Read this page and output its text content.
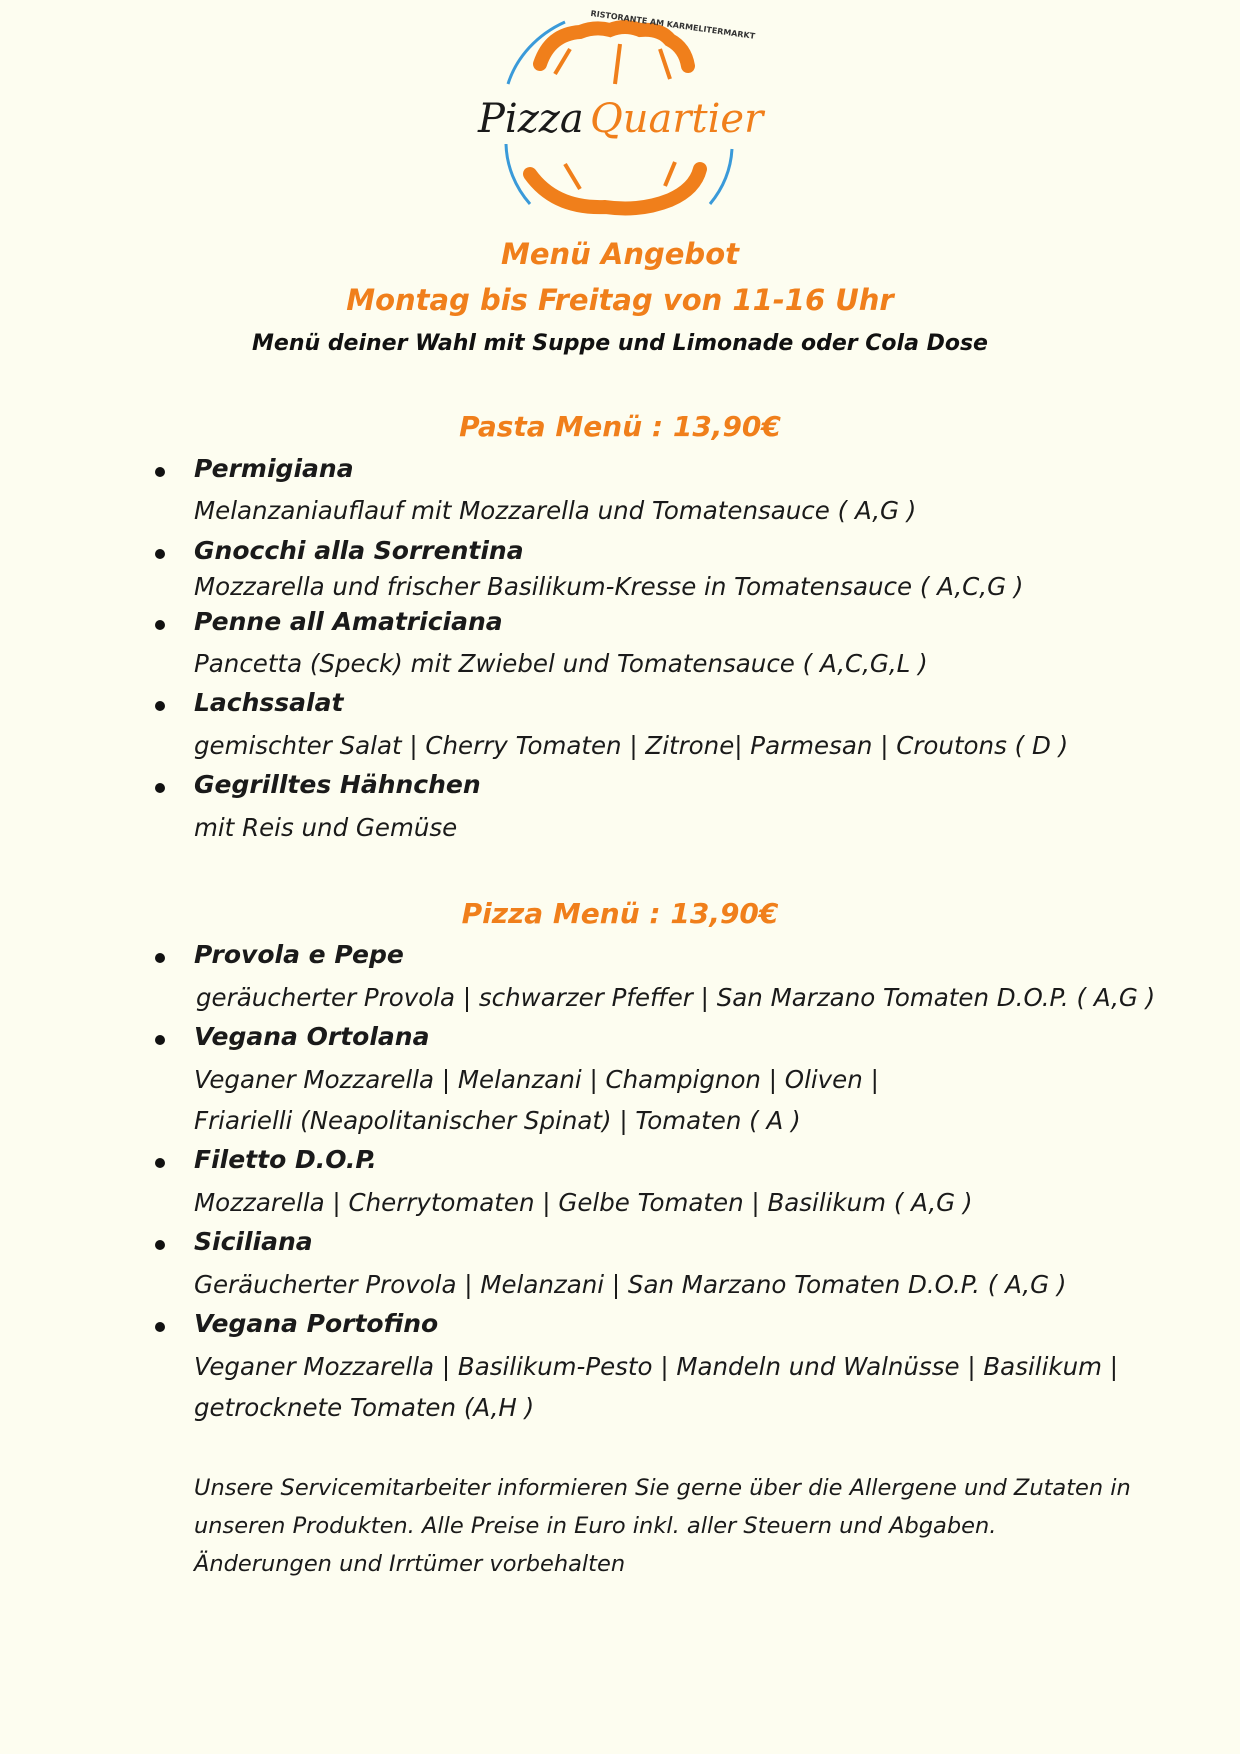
RISTORANTE AM KARMELITERMARKT
Pizza Quartier

Menü Angebot

Montag bis Freitag von 11-16 Uhr

Menü deiner Wahl mit Suppe und Limonade oder Cola Dose

Pasta Menü : 13,90€

Permigiana
Melanzaniauflauf mit Mozzarella und Tomatensauce ( A,G )
Gnocchi alla Sorrentina
Mozzarella und frischer Basilikum-Kresse in Tomatensauce ( A,C,G )
Penne all Amatriciana
Pancetta (Speck) mit Zwiebel und Tomatensauce ( A,C,G,L )
Lachssalat
gemischter Salat | Cherry Tomaten | Zitrone| Parmesan | Croutons ( D )
Gegrilltes Hähnchen
mit Reis und Gemüse

Pizza Menü : 13,90€

Provola e Pepe
geräucherter Provola | schwarzer Pfeffer | San Marzano Tomaten D.O.P. ( A,G )
Vegana Ortolana
Veganer Mozzarella | Melanzani | Champignon | Oliven |
Friarielli (Neapolitanischer Spinat) | Tomaten ( A )
Filetto D.O.P.
Mozzarella | Cherrytomaten | Gelbe Tomaten | Basilikum ( A,G )
Siciliana
Geräucherter Provola | Melanzani | San Marzano Tomaten D.O.P. ( A,G )
Vegana Portofino
Veganer Mozzarella | Basilikum-Pesto | Mandeln und Walnüsse | Basilikum |
getrocknete Tomaten (A,H )
Unsere Servicemitarbeiter informieren Sie gerne über die Allergene und Zutaten in
unseren Produkten. Alle Preise in Euro inkl. aller Steuern und Abgaben.
Änderungen und Irrtümer vorbehalten
